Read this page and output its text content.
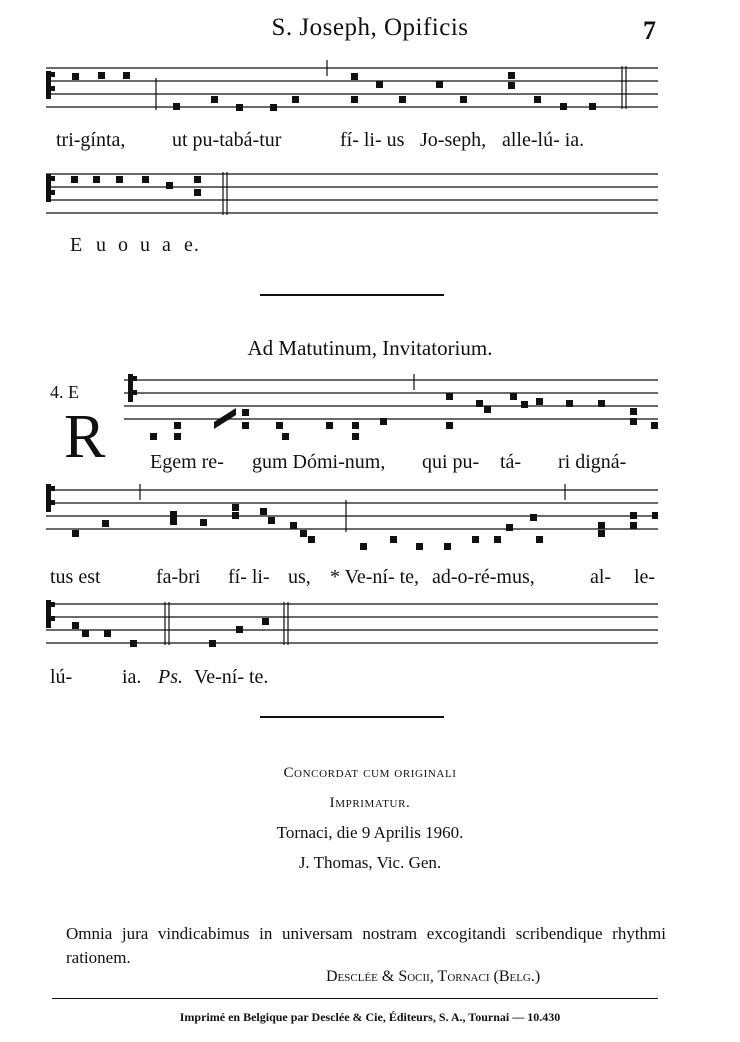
S. Joseph, Opificis	7
tri-gínta, ut pu-tabá-tur	fí- li- us Jo-seph, alle-lú- ia.
E u o u a e.
Ad Matutinum, Invitatorium.
4. E
R Egem re- gum Dómi-num, qui pu- tá- ri digná-
tus est	fa-bri fí- li- us, * Ve-ní- te, ad-o-ré-mus,	al- le-
lú- ia. Ps. Ve-ní- te.
Concordat cum originali
Imprimatur.
Tornaci, die 9 Aprilis 1960.
J. Thomas, Vic. Gen.
Omnia jura vindicabimus in universam nostram excogitandi scribendique rhythmi rationem.
Desclée & Socii, Tornaci (Belg.)
Imprimé en Belgique par Desclée & Cie, Éditeurs, S. A., Tournai — 10.430
